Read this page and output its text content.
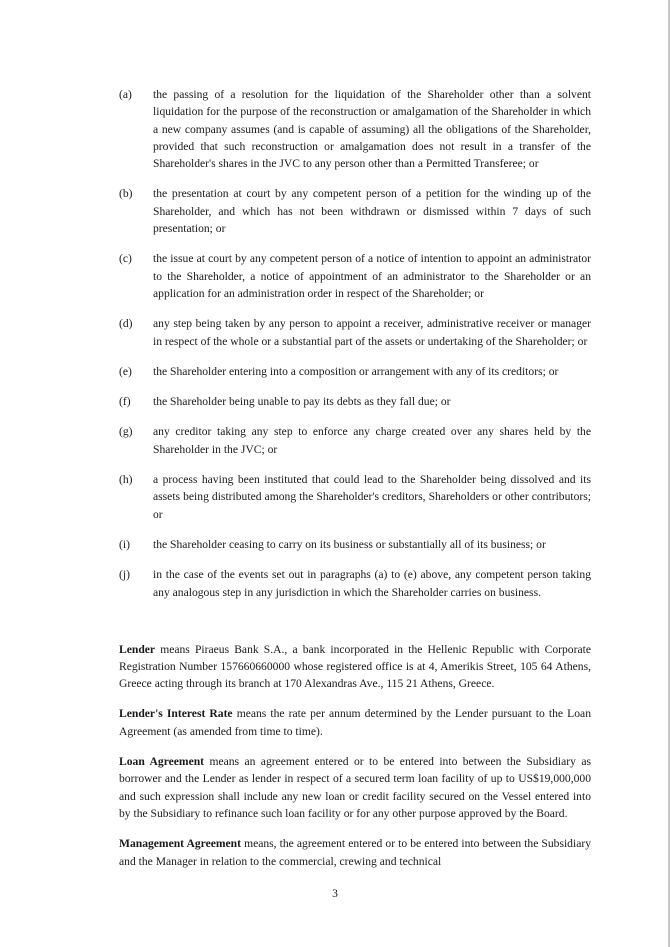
(a)	the passing of a resolution for the liquidation of the Shareholder other than a solvent liquidation for the purpose of the reconstruction or amalgamation of the Shareholder in which a new company assumes (and is capable of assuming) all the obligations of the Shareholder, provided that such reconstruction or amalgamation does not result in a transfer of the Shareholder's shares in the JVC to any person other than a Permitted Transferee; or
(b)	the presentation at court by any competent person of a petition for the winding up of the Shareholder, and which has not been withdrawn or dismissed within 7 days of such presentation; or
(c)	the issue at court by any competent person of a notice of intention to appoint an administrator to the Shareholder, a notice of appointment of an administrator to the Shareholder or an application for an administration order in respect of the Shareholder; or
(d)	any step being taken by any person to appoint a receiver, administrative receiver or manager in respect of the whole or a substantial part of the assets or undertaking of the Shareholder; or
(e)	the Shareholder entering into a composition or arrangement with any of its creditors; or
(f)	the Shareholder being unable to pay its debts as they fall due; or
(g)	any creditor taking any step to enforce any charge created over any shares held by the Shareholder in the JVC; or
(h)	a process having been instituted that could lead to the Shareholder being dissolved and its assets being distributed among the Shareholder's creditors, Shareholders or other contributors; or
(i)	the Shareholder ceasing to carry on its business or substantially all of its business; or
(j)	in the case of the events set out in paragraphs (a) to (e) above, any competent person taking any analogous step in any jurisdiction in which the Shareholder carries on business.

Lender means Piraeus Bank S.A., a bank incorporated in the Hellenic Republic with Corporate Registration Number 157660660000 whose registered office is at 4, Amerikis Street, 105 64 Athens, Greece acting through its branch at 170 Alexandras Ave., 115 21 Athens, Greece.

Lender's Interest Rate means the rate per annum determined by the Lender pursuant to the Loan Agreement (as amended from time to time).

Loan Agreement means an agreement entered or to be entered into between the Subsidiary as borrower and the Lender as lender in respect of a secured term loan facility of up to US$19,000,000 and such expression shall include any new loan or credit facility secured on the Vessel entered into by the Subsidiary to refinance such loan facility or for any other purpose approved by the Board.

Management Agreement means, the agreement entered or to be entered into between the Subsidiary and the Manager in relation to the commercial, crewing and technical

3
